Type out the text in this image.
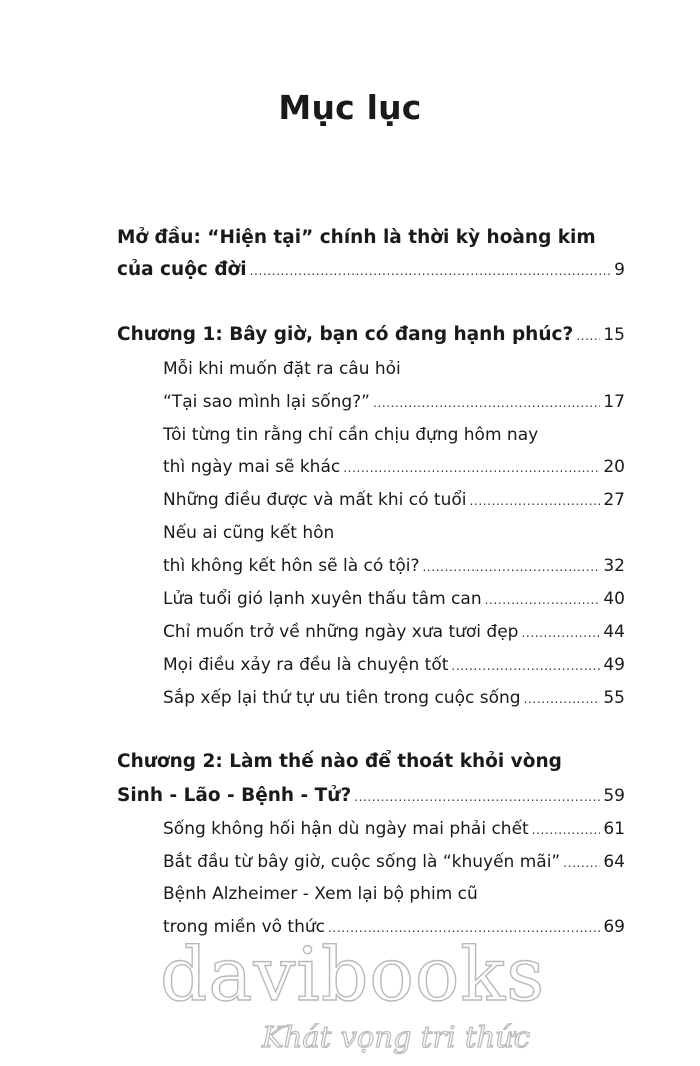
Mục lục
Mở đầu: “Hiện tại” chính là thời kỳ hoàng kim
của cuộc đời .....	9
Chương 1: Bây giờ, bạn có đang hạnh phúc? ..... 15
Mỗi khi muốn đặt ra câu hỏi
“Tại sao mình lại sống?” .....	17
Tôi từng tin rằng chỉ cần chịu đựng hôm nay
thì ngày mai sẽ khác .....	20
Những điều được và mất khi có tuổi .....	27
Nếu ai cũng kết hôn
thì không kết hôn sẽ là có tội? .....	32
Lửa tuổi gió lạnh xuyên thấu tâm can .....	40
Chỉ muốn trở về những ngày xưa tươi đẹp .....	44
Mọi điều xảy ra đều là chuyện tốt .....	49
Sắp xếp lại thứ tự ưu tiên trong cuộc sống .....	55
Chương 2: Làm thế nào để thoát khỏi vòng
Sinh - Lão - Bệnh - Tử? .....	59
Sống không hối hận dù ngày mai phải chết .....	61
Bắt đầu từ bây giờ, cuộc sống là “khuyến mãi” .....	64
Bệnh Alzheimer - Xem lại bộ phim cũ
trong miền vô thức .....	69
davibooks
Khát vọng tri thức
